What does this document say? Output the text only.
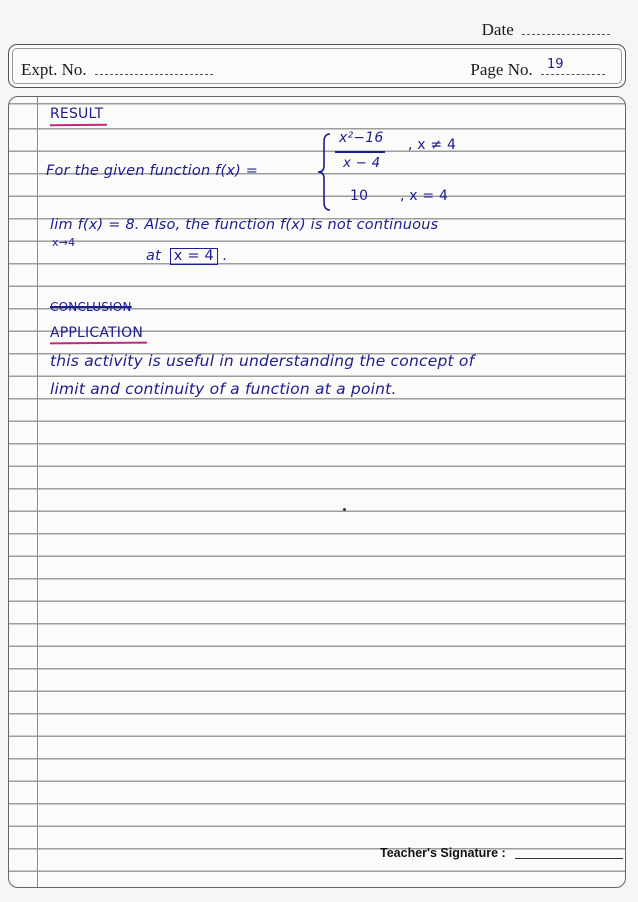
Date
Expt. No.	Page No. 19
RESULT
For the given function f(x) =
x²−16
x − 4
, x ≠ 4
10 , x = 4
lim f(x) = 8. Also, the function f(x) is not continuous
x→4
at x = 4 .
CONCLUSION
APPLICATION
this activity is useful in understanding the concept of
limit and continuity of a function at a point.
Teacher's Signature :
